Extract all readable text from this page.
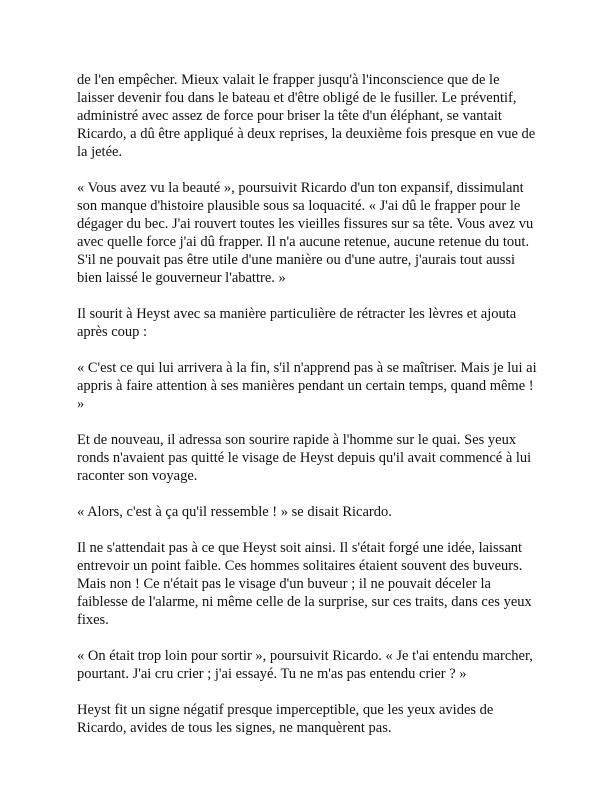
de l'en empêcher. Mieux valait le frapper jusqu'à l'inconscience que de le laisser devenir fou dans le bateau et d'être obligé de le fusiller. Le préventif, administré avec assez de force pour briser la tête d'un éléphant, se vantait Ricardo, a dû être appliqué à deux reprises, la deuxième fois presque en vue de la jetée.

« Vous avez vu la beauté », poursuivit Ricardo d'un ton expansif, dissimulant son manque d'histoire plausible sous sa loquacité. « J'ai dû le frapper pour le dégager du bec. J'ai rouvert toutes les vieilles fissures sur sa tête. Vous avez vu avec quelle force j'ai dû frapper. Il n'a aucune retenue, aucune retenue du tout. S'il ne pouvait pas être utile d'une manière ou d'une autre, j'aurais tout aussi bien laissé le gouverneur l'abattre. »

Il sourit à Heyst avec sa manière particulière de rétracter les lèvres et ajouta après coup :

« C'est ce qui lui arrivera à la fin, s'il n'apprend pas à se maîtriser. Mais je lui ai appris à faire attention à ses manières pendant un certain temps, quand même ! »

Et de nouveau, il adressa son sourire rapide à l'homme sur le quai. Ses yeux ronds n'avaient pas quitté le visage de Heyst depuis qu'il avait commencé à lui raconter son voyage.

« Alors, c'est à ça qu'il ressemble ! » se disait Ricardo.

Il ne s'attendait pas à ce que Heyst soit ainsi. Il s'était forgé une idée, laissant entrevoir un point faible. Ces hommes solitaires étaient souvent des buveurs. Mais non ! Ce n'était pas le visage d'un buveur ; il ne pouvait déceler la faiblesse de l'alarme, ni même celle de la surprise, sur ces traits, dans ces yeux fixes.

« On était trop loin pour sortir », poursuivit Ricardo. « Je t'ai entendu marcher, pourtant. J'ai cru crier ; j'ai essayé. Tu ne m'as pas entendu crier ? »

Heyst fit un signe négatif presque imperceptible, que les yeux avides de Ricardo, avides de tous les signes, ne manquèrent pas.
